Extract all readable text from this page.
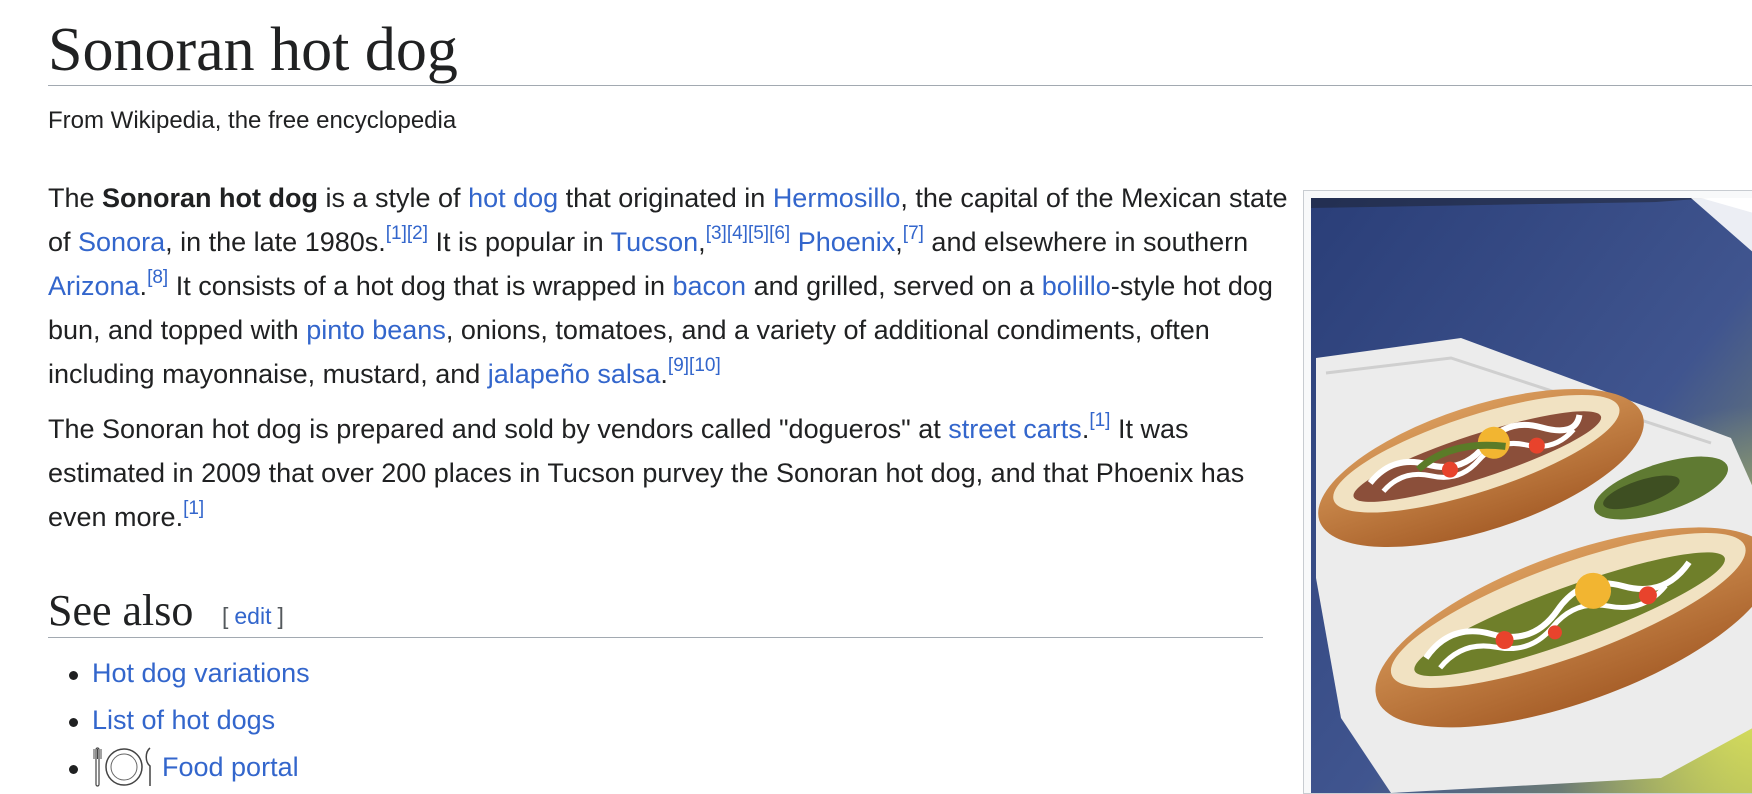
Sonoran hot dog
From Wikipedia, the free encyclopedia

The Sonoran hot dog is a style of hot dog that originated in Hermosillo, the capital of the Mexican state of Sonora, in the late 1980s.[1][2] It is popular in Tucson,[3][4][5][6] Phoenix,[7] and elsewhere in southern Arizona.[8] It consists of a hot dog that is wrapped in bacon and grilled, served on a bolillo-style hot dog bun, and topped with pinto beans, onions, tomatoes, and a variety of additional condiments, often including mayonnaise, mustard, and jalapeño salsa.[9][10]

The Sonoran hot dog is prepared and sold by vendors called "dogueros" at street carts.[1] It was estimated in 2009 that over 200 places in Tucson purvey the Sonoran hot dog, and that Phoenix has even more.[1]

See also [ edit ]
Hot dog variations
List of hot dogs
Food portal
